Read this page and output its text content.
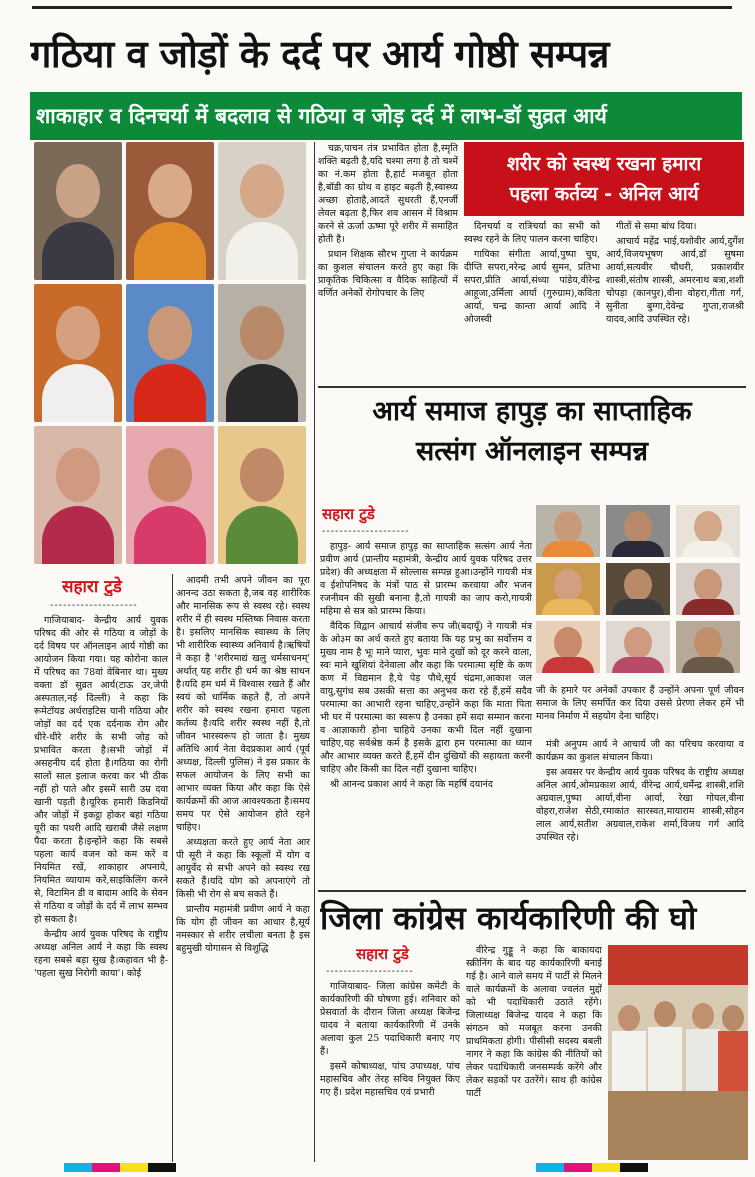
गठिया व जोड़ों के दर्द पर आर्य गोष्ठी सम्पन्न
शाकाहार व दिनचर्या में बदलाव से गठिया व जोड़ दर्द में लाभ-डॉ सुव्रत आर्य
सहारा टुडे
--------------------

गाजियाबाद- केन्द्रीय आर्य युवक परिषद की ओर से गठिया व जोड़ों के दर्द विषय पर ऑनलाइन आर्य गोष्ठी का आयोजन किया गया। यह कोरोना काल में परिषद का 78वां वेबिनार था। मुख्य वक्ता डॉ सुव्रत आर्य(टाऊ उर,जेपी अस्पताल,नई दिल्ली) ने कहा कि रूमेटॉयड अर्थराइटिस यानी गठिया और जोड़ों का दर्द एक दर्दनाक रोग और धीरे-धीरे शरीर के सभी जोड़ को प्रभावित करता है।सभी जोड़ों में असहनीय दर्द होता है।गठिया का रोगी सालों साल इलाज करवा कर भी ठीक नहीं हो पाते और इसमें सारी उम्र दवा खानी पड़ती है।यूरिक हमारी किडनियों और जोड़ों में इकट्ठा होकर बहां गठिया यूरी का पथरी आदि खराबी जैसे लक्षण पैदा करता है।इन्होंने कहा कि सबसे पहला कार्य वजन को कम करें व नियमित रखें, शाकाहार अपनाये, नियमित व्यायाम करें,साइकिलिंग करने से, विटामिन डी व बादाम आदि के सेवन से गठिया व जोड़ों के दर्द में लाभ सम्भव हो सकता है।

केन्द्रीय आर्य युवक परिषद के राष्ट्रीय अध्यक्ष अनिल आर्य ने कहा कि स्वस्थ रहना सबसे बड़ा सुख है।कहावत भी है- 'पहला सुख निरोगी काया'। कोई

आदमी तभी अपने जीवन का पूरा आनन्द उठा सकता है,जब वह शारीरिक और मानसिक रूप से स्वस्थ रहे। स्वस्थ शरीर में ही स्वस्थ मस्तिष्क निवास करता है। इसलिए मानसिक स्वास्थ्य के लिए भी शारीरिक स्वास्थ्य अनिवार्य है।ऋषियों ने कहा है 'शरीरमाद्यं खलु धर्मसाधनम्' अर्थात् यह शरीर ही धर्म का श्रेष्ठ साधन है।यदि हम धर्म में विश्वास रखते हैं और स्वयं को धार्मिक कहते हैं, तो अपने शरीर को स्वस्थ रखना हमारा पहला कर्तव्य है।यदि शरीर स्वस्थ नहीं है,तो जीवन भारस्वरूप हो जाता है। मुख्य अतिथि आर्य नेता वेदप्रकाश आर्य (पूर्व अध्यक्ष, दिल्ली पुलिस) ने इस प्रकार के सफल आयोजन के लिए सभी का आभार व्यक्त किया और कहा कि ऐसे कार्यक्रमों की आज आवश्यकता है।समय समय पर ऐसे आयोजन होते रहने चाहिए।

अध्यक्षता करते हुए आर्य नेता आर पी सूरी ने कहा कि स्कूलों में योग व आयुर्वेद से सभी अपने को स्वस्थ रख सकते हैं।यदि योग को अपनाएंगे तो किसी भी रोग से बच सकते हैं।

प्रान्तीय महामंत्री प्रवीण आर्य ने कहा कि योग ही जीवन का आधार है,सूर्य नमस्कार से शरीर लचीला बनता है इस बहुमुखी योगासन से विशुद्धि

चक्र,पाचन तंत्र प्रभावित होता है,स्मृति शक्ति बढ़ती है,यदि चश्मा लगा है तो चश्में का नं.कम होता है,हार्ट मजबूत होता है,बॉडी का ग्रोथ व हाइट बढ़ती है,स्वास्थ्य अच्छा होताहै,आदतें सुधरती हैं,एनर्जी लेवल बढ़ता है,फिर शव आसन में विश्राम करने से ऊर्जा ऊष्मा पूरे शरीर में समाहित होती है।

प्रधान शिक्षक सौरभ गुप्ता ने कार्यक्रम का कुशल संचालन करते हुए कहा कि प्राकृतिक चिकित्सा व वैदिक साहित्यों में वर्णित अनेकों रोगोपचार के लिए

शरीर को स्वस्थ रखना हमारा
पहला कर्तव्य - अनिल आर्य

दिनचर्या व रात्रिचर्या का सभी को स्वस्थ रहने के लिए पालन करना चाहिए।

गायिका संगीता आर्या,पुष्पा चुघ, दीप्ति सपरा,नरेन्द्र आर्य सुमन, प्रतिभा सपरा,प्रीति आर्या,संध्या पांडेय,वीरेन्द्र आहूजा,उर्मिला आर्या (गुरुग्राम),कविता आर्या, चन्द्र कान्ता आर्या आदि ने ओजस्वी

गीतों से समा बांध दिया।

आचार्य महेंद्र भाई,यशोवीर आर्य,दुर्गेश आर्य,विजयभूषण आर्य,डॉ सुषमा आर्या,सत्यवीर चौधरी, प्रकाशवीर शास्त्री,संतोष शास्त्री, अमरनाथ बत्रा,शशी चोपड़ा (कानपुर),वीना वोहरा,गीता गर्ग, सुनीता बुग्गा,देवेन्द्र गुप्ता,राजश्री यादव,आदि उपस्थित रहे।

आर्य समाज हापुड़ का साप्ताहिक
सत्संग ऑनलाइन सम्पन्न
सहारा टुडे
--------------------

हापुड़- आर्य समाज हापुड़ का साप्ताहिक सत्संग आर्य नेता प्रवीण आर्य (प्रान्तीय महामंत्री, केन्द्रीय आर्य युवक परिषद उत्तर प्रदेश) की अध्यक्षता में सोल्लास सम्पन्न हुआ।उन्होंने गायत्री मंत्र व ईशोपनिषद के मंत्रों पाठ से प्रारम्भ करवाया और भजन रजनीवन की सुखी बनाना है,तो गायत्री का जाप करो,गायत्री महिमा से सत्र को प्रारम्भ किया।

वैदिक विद्वान आचार्य संजीव रूप जी(बदायूँ) ने गायत्री मंत्र के ओ३म का अर्थ करते हुए बताया कि यह प्रभु का सर्वोत्तम व मुख्य नाम है भूः माने प्यारा, भुवः माने दुखों को दूर करने वाला, स्वः माने खुशियां देनेवाला और कहा कि परमात्मा सृष्टि के कण कण में विद्यमान है,ये पेड़ पौधे,सूर्य चंद्रमा,आकाश जल वायु,सुगंध सब उसकी सत्ता का अनुभव करा रहे हैं,हमें सदैव परमात्मा का आभारी रहना चाहिए,उन्होंने कहा कि माता पिता भी घर में परमात्मा का स्वरूप है उनका हमें सदा सम्मान करना व आज्ञाकारी होना चाहिये उनका कभी दिल नहीं दुखाना चाहिए,यह सर्वश्रेष्ठ कर्म है इसके द्वारा हम परमात्मा का ध्यान और आभार व्यक्त करते हैं,हमें दीन दुखियों की सहायता करनी चाहिए और किसी का दिल नहीं दुखाना चाहिए।

श्री आनन्द प्रकाश आर्य ने कहा कि महर्षि दयानंद

जी के हमारे पर अनेकों उपकार हैं उन्होंने अपना पूर्ण जीवन समाज के लिए समर्पित कर दिया उससे प्रेरणा लेकर हमें भी मानव निर्माण में सहयोग देना चाहिए।

मंत्री अनुपम आर्य ने आचार्य जी का परिचय करवाया व कार्यक्रम का कुशल संचालन किया।

इस अवसर पर केन्द्रीय आर्य युवक परिषद के राष्ट्रीय अध्यक्ष अनिल आर्य,ओमप्रकाश आर्य, वीरेन्द्र आर्य,धर्मेन्द्र शास्त्री,शशि अग्रवाल,पुष्पा आर्या,वीना आर्या, रेखा गोयल,वीना वोहरा,राजेश सेठी,रमाकांत सारस्वत,मायाराम शास्त्री,सोहन लाल आर्य,सतीश अग्रवाल,राकेश शर्मा,विजय गर्ग आदि उपस्थित रहे।

जिला कांग्रेस कार्यकारिणी की घो
सहारा टुडे
--------------------

गाजियाबाद- जिला कांग्रेस कमेटी के कार्यकारिणी की घोषणा हुई। शनिवार को प्रेसवार्ता के दौरान जिला अध्यक्ष बिजेन्द्र यादव ने बताया कार्यकारिणी में उनके अलावा कुल 25 पदाधिकारी बनाए गए हैं।

इसमें कोषाध्यक्ष, पांच उपाध्यक्ष, पांच महासचिव और तेरह सचिव नियुक्त किए गए हैं। प्रदेश महासचिव एवं प्रभारी

वीरेन्द्र गुड्डू ने कहा कि बाकायदा स्क्रीनिंग के बाद यह कार्यकारिणी बनाई गई है। आने वाले समय में पार्टी से मिलने वाले कार्यक्रमों के अलावा ज्वलंत मुद्दों को भी पदाधिकारी उठाते रहेंगे। जिलाध्यक्ष बिजेन्द्र यादव ने कहा कि संगठन को मजबूत करना उनकी प्राथमिकता होगी। पीसीसी सदस्य बबली नागर ने कहा कि कांग्रेस की नीतियों को लेकर पदाधिकारी जनसम्पर्क करेंगे और लेकर सड़कों पर उतरेंगे। साथ ही कांग्रेस पार्टी
